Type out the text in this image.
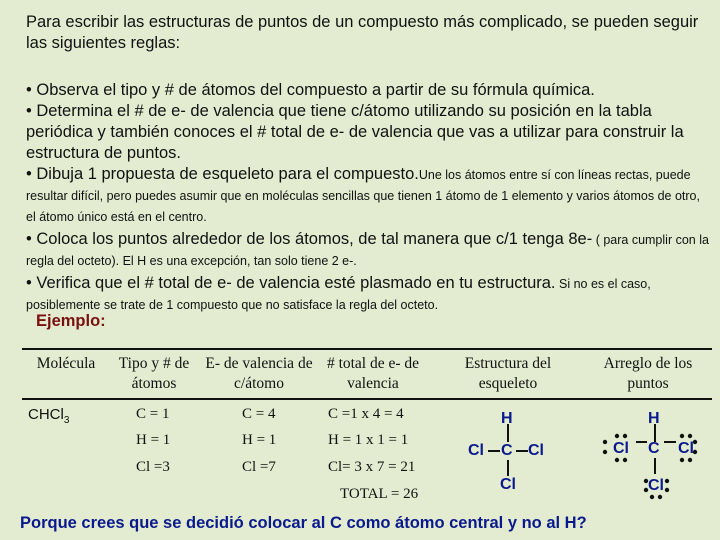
Para escribir las estructuras de puntos de un compuesto más complicado, se pueden seguir las siguientes reglas:

• Observa el tipo y # de átomos del compuesto a partir de su fórmula química.

• Determina el # de e- de valencia que tiene c/átomo utilizando su posición en la tabla periódica y también conoces el # total de e- de valencia que vas a utilizar para construir la estructura de puntos.

• Dibuja 1 propuesta de esqueleto para el compuesto.Une los átomos entre sí con líneas rectas, puede resultar difícil, pero puedes asumir que en moléculas sencillas que tienen 1 átomo de 1 elemento y varios átomos de otro, el átomo único está en el centro.

• Coloca los puntos alrededor de los átomos, de tal manera que c/1 tenga 8e- ( para cumplir con la regla del octeto). El H es una excepción, tan solo tiene 2 e-.

• Verifica que el # total de e- de valencia esté plasmado en tu estructura. Si no es el caso, posiblemente se trate de 1 compuesto que no satisface la regla del octeto.

Ejemplo:
Molécula	Tipo y # de átomos
E- de valencia de c/átomo
# total de e- de valencia
Estructura del esqueleto
Arreglo de los puntos
CHCl$_3$	C = 1
H = 1
Cl =3
C = 4
H = 1
Cl =7
C =1 x 4 = 4
H = 1 x 1 = 1
Cl= 3 x 7 = 21
TOTAL = 26
H
Cl C Cl
Cl
H
Cl C Cl
Cl
Porque crees que se decidió colocar al C como átomo central y no al H?
